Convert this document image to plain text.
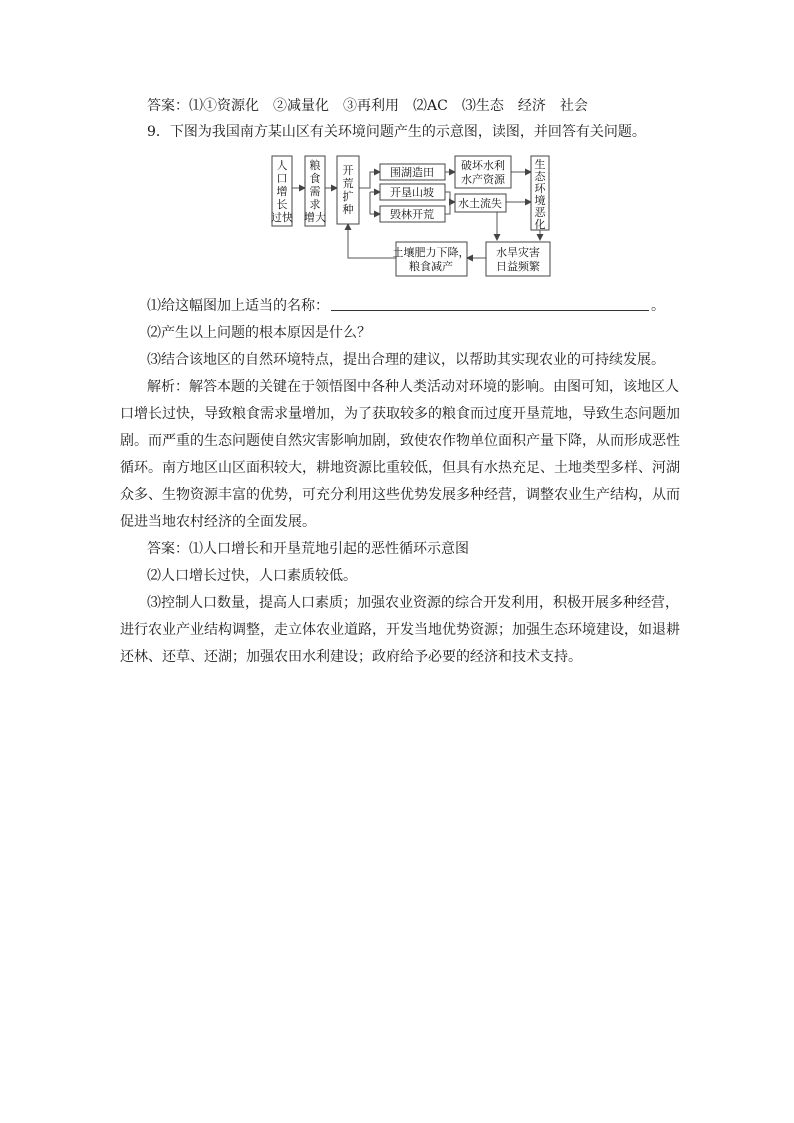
答案：⑴①资源化　②减量化　③再利用　⑵AC　⑶生态　经济　社会
9．下图为我国南方某山区有关环境问题产生的示意图，读图，并回答有关问题。
人
口
增
长
过快
粮
食
需
求
增大
开
荒
扩
种
围湖造田
开垦山坡
毁林开荒
破坏水利
水产资源
水土流失
生
态
环
境
恶
化
水旱灾害
日益频繁
土壤肥力下降，
粮食减产
⑴给这幅图加上适当的名称：	。
⑵产生以上问题的根本原因是什么？
⑶结合该地区的自然环境特点，提出合理的建议，以帮助其实现农业的可持续发展。
解析：解答本题的关键在于领悟图中各种人类活动对环境的影响。由图可知，该地区人
口增长过快，导致粮食需求量增加，为了获取较多的粮食而过度开垦荒地，导致生态问题加
剧。而严重的生态问题使自然灾害影响加剧，致使农作物单位面积产量下降，从而形成恶性
循环。南方地区山区面积较大，耕地资源比重较低，但具有水热充足、土地类型多样、河湖
众多、生物资源丰富的优势，可充分利用这些优势发展多种经营，调整农业生产结构，从而
促进当地农村经济的全面发展。
答案：⑴人口增长和开垦荒地引起的恶性循环示意图
⑵人口增长过快，人口素质较低。
⑶控制人口数量，提高人口素质；加强农业资源的综合开发利用，积极开展多种经营，
进行农业产业结构调整，走立体农业道路，开发当地优势资源；加强生态环境建设，如退耕
还林、还草、还湖；加强农田水利建设；政府给予必要的经济和技术支持。
